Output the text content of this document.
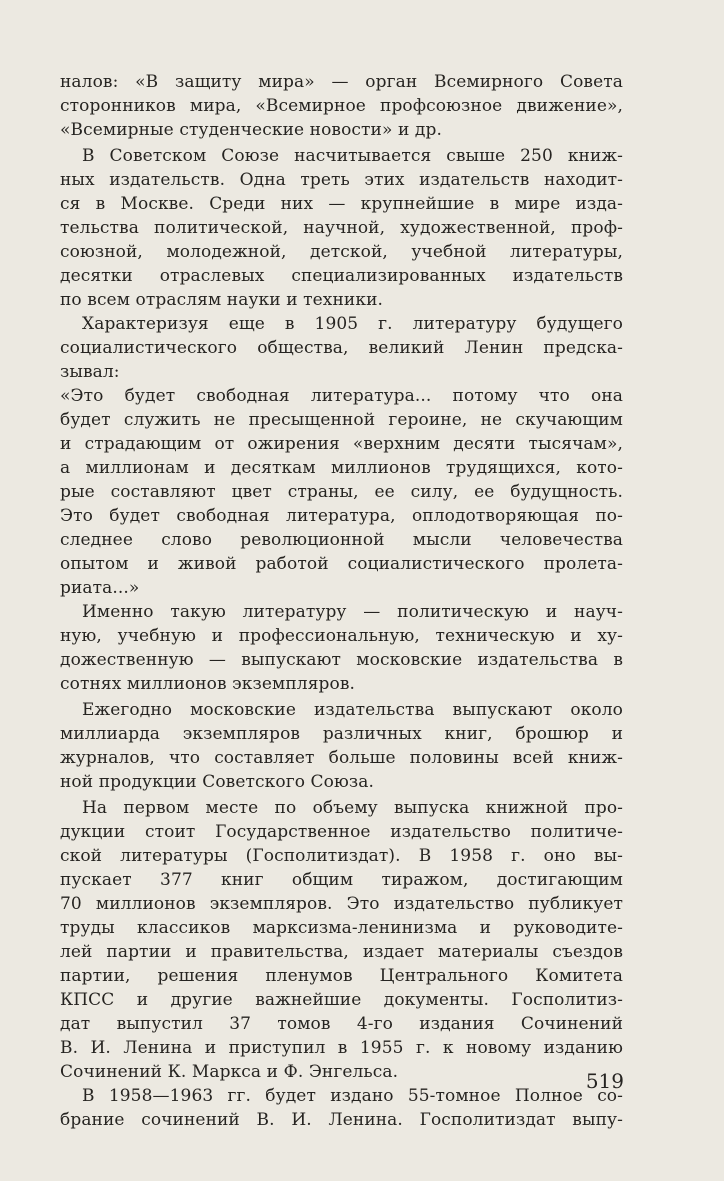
налов: «В защиту мира» — орган Всемирного Совета
сторонников мира, «Всемирное профсоюзное движение»,
«Всемирные студенческие новости» и др.
В Советском Союзе насчитывается свыше 250 книж-
ных издательств. Одна треть этих издательств находит-
ся в Москве. Среди них — крупнейшие в мире изда-
тельства политической, научной, художественной, проф-
союзной, молодежной, детской, учебной литературы,
десятки отраслевых специализированных издательств
по всем отраслям науки и техники.
Характеризуя еще в 1905 г. литературу будущего
социалистического общества, великий Ленин предска-
зывал:
«Это будет свободная литература... потому что она
будет служить не пресыщенной героине, не скучающим
и страдающим от ожирения «верхним десяти тысячам»,
а миллионам и десяткам миллионов трудящихся, кото-
рые составляют цвет страны, ее силу, ее будущность.
Это будет свободная литература, оплодотворяющая по-
следнее слово революционной мысли человечества
опытом и живой работой социалистического пролета-
риата...»
Именно такую литературу — политическую и науч-
ную, учебную и профессиональную, техническую и ху-
дожественную — выпускают московские издательства в
сотнях миллионов экземпляров.
Ежегодно московские издательства выпускают около
миллиарда экземпляров различных книг, брошюр и
журналов, что составляет больше половины всей книж-
ной продукции Советского Союза.
На первом месте по объему выпуска книжной про-
дукции стоит Государственное издательство политиче-
ской литературы (Госполитиздат). В 1958 г. оно вы-
пускает 377 книг общим тиражом, достигающим
70 миллионов экземпляров. Это издательство публикует
труды классиков марксизма-ленинизма и руководите-
лей партии и правительства, издает материалы съездов
партии, решения пленумов Центрального Комитета
КПСС и другие важнейшие документы. Госполитиз-
дат выпустил 37 томов 4-го издания Сочинений
В. И. Ленина и приступил в 1955 г. к новому изданию
Сочинений К. Маркса и Ф. Энгельса.
В 1958—1963 гг. будет издано 55-томное Полное со-
брание сочинений В. И. Ленина. Госполитиздат выпу-
519
